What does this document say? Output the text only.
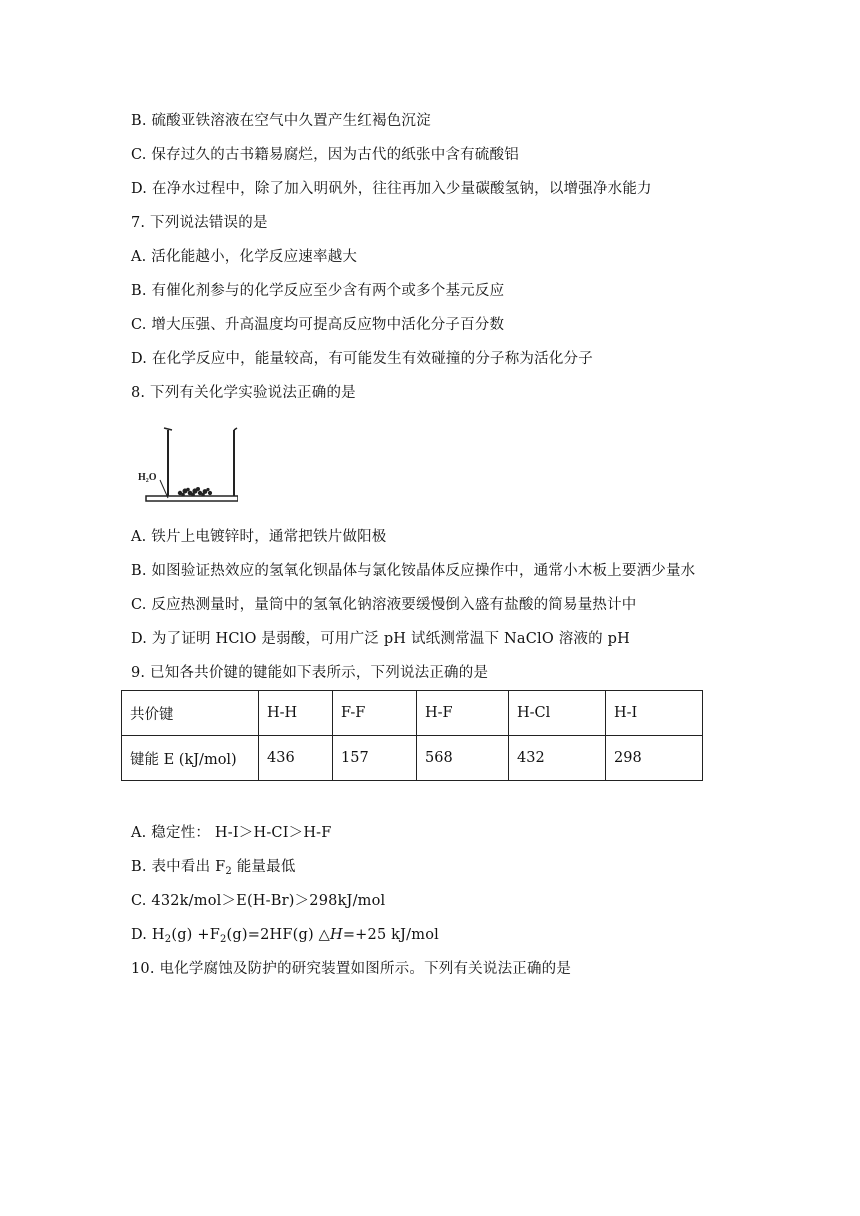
B. 硫酸亚铁溶液在空气中久置产生红褐色沉淀
C. 保存过久的古书籍易腐烂，因为古代的纸张中含有硫酸铝
D. 在净水过程中，除了加入明矾外，往往再加入少量碳酸氢钠，以增强净水能力
7. 下列说法错误的是
A. 活化能越小，化学反应速率越大
B. 有催化剂参与的化学反应至少含有两个或多个基元反应
C. 增大压强、升高温度均可提高反应物中活化分子百分数
D. 在化学反应中，能量较高，有可能发生有效碰撞的分子称为活化分子
8. 下列有关化学实验说法正确的是
H₂O
A. 铁片上电镀锌时，通常把铁片做阳极
B. 如图验证热效应的氢氧化钡晶体与氯化铵晶体反应操作中，通常小木板上要洒少量水
C. 反应热测量时，量筒中的氢氧化钠溶液要缓慢倒入盛有盐酸的简易量热计中
D. 为了证明 HClO 是弱酸，可用广泛 pH 试纸测常温下 NaClO 溶液的 pH
9. 已知各共价键的键能如下表所示，下列说法正确的是
共价键	H-H	F-F	H-F	H-Cl	H-I
键能 E (kJ/mol)	436	157	568	432	298
A. 稳定性： H-I＞H-CI＞H-F
B. 表中看出 $F_2$ 能量最低
C. 432k/mol＞E(H-Br)＞298kJ/mol
D. $H_2(g) +F_2(g)=2HF(g)$ △H=+25 kJ/mol
10. 电化学腐蚀及防护的研究装置如图所示。下列有关说法正确的是
